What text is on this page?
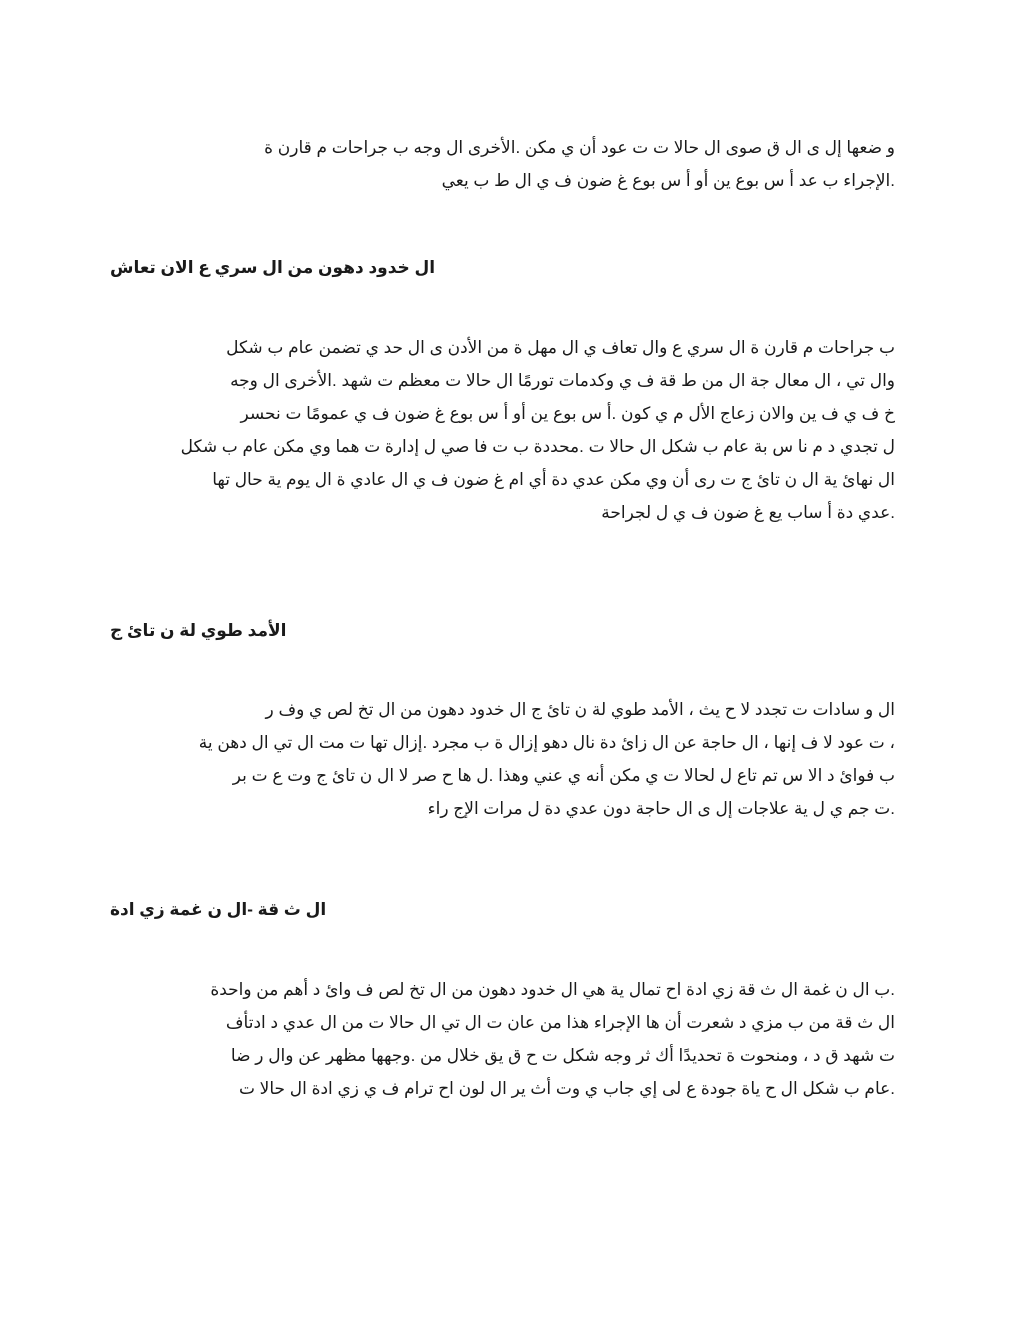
و ضعها إل ى ال ق صوى ال حالا ت ت عود أن ي مكن .الأخرى ال وجه ب جراحات م قارن ة
.الإجراء ب عد أ س بوع ين أو أ س بوع غ ضون ف ي ال ط ب يعي
ال خدود دهون من ال سري ع الان تعاش
ب جراحات م قارن ة ال سري ع وال تعاف ي ال مهل ة من الأدن ى ال حد ي تضمن عام ب شكل
وال تي ، ال معال جة ال من ط قة ف ي وكدمات تورمًا ال حالا ت معظم ت شهد .الأخرى ال وجه
خ ف ي ف ين والان زعاج الأل م ي كون .أ س بوع ين أو أ س بوع غ ضون ف ي عمومًا ت نحسر
ل تجدي د م نا س بة عام ب شكل ال حالا ت .محددة ب ت فا صي ل إدارة ت هما وي مكن عام ب شكل
ال نهائ ية ال ن تائ ج ت رى أن وي مكن عدي دة أي ام غ ضون ف ي ال عادي ة ال يوم ية حال تها
.عدي دة أ ساب يع غ ضون ف ي ل لجراحة
الأمد طوي لة ن تائ ج
ال و سادات ت تجدد لا ح يث ، الأمد طوي لة ن تائ ج ال خدود دهون من ال تخ لص ي وف ر
، ت عود لا ف إنها ، ال حاجة عن ال زائ دة نال دهو إزال ة ب مجرد .إزال تها ت مت ال تي ال دهن ية
ب فوائ د الا س تم تاع ل لحالا ت ي مكن أنه ي عني وهذا .ل ها ح صر لا ال ن تائ ج وت ع ت بر
.ت جم ي ل ية علاجات إل ى ال حاجة دون عدي دة ل مرات الإج راء
ال ث قة -ال ن غمة زي ادة
.ب ال ن غمة ال ث قة زي ادة اح تمال ية هي ال خدود دهون من ال تخ لص ف وائ د أهم من واحدة
ال ث قة من ب مزي د شعرت أن ها الإجراء هذا من عان ت ال تي ال حالا ت من ال عدي د ادتأف
ت شهد ق د ، ومنحوت ة تحديدًا أك ثر وجه شكل ت ح ق يق خلال من .وجهها مظهر عن وال ر ضا
.عام ب شكل ال ح ياة جودة ع لى إي جاب ي وت أث ير ال لون اح ترام ف ي زي ادة ال حالا ت
